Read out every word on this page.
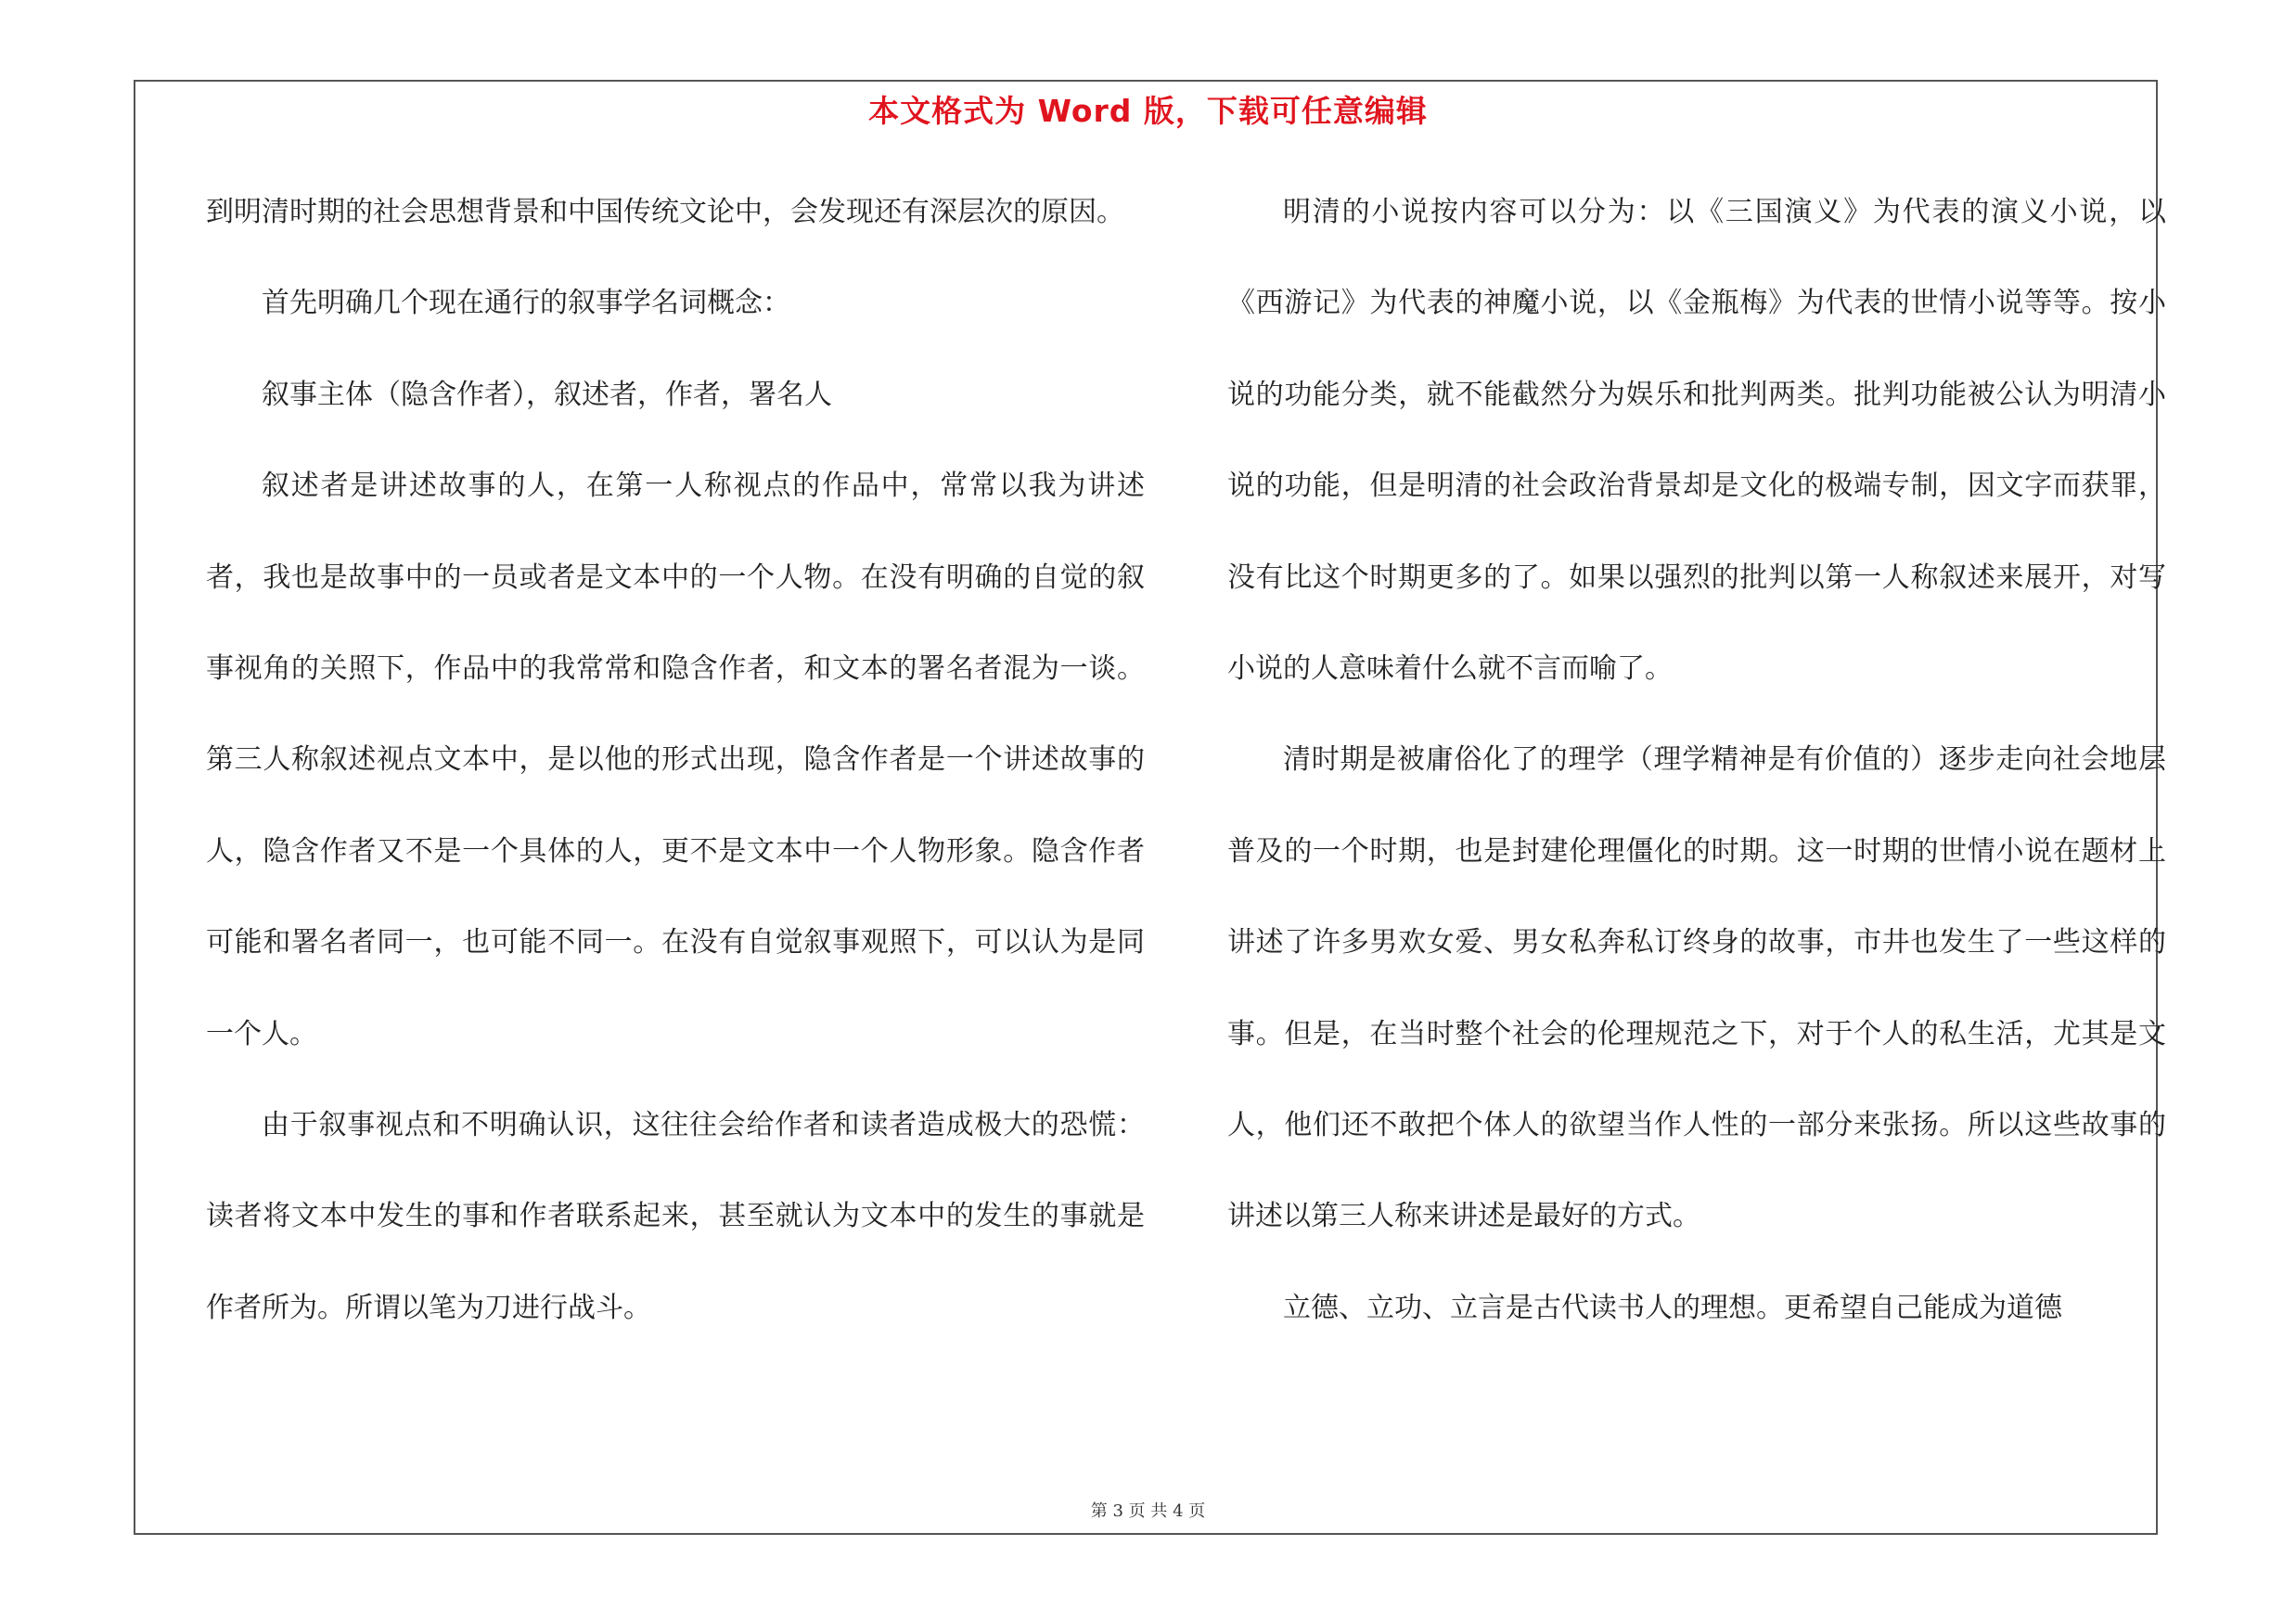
本文格式为 Word 版，下载可任意编辑

到明清时期的社会思想背景和中国传统文论中，会发现还有深层次的原因。

首先明确几个现在通行的叙事学名词概念：

叙事主体（隐含作者），叙述者，作者，署名人

叙述者是讲述故事的人，在第一人称视点的作品中，常常以我为讲述者，我也是故事中的一员或者是文本中的一个人物。在没有明确的自觉的叙事视角的关照下，作品中的我常常和隐含作者，和文本的署名者混为一谈。第三人称叙述视点文本中，是以他的形式出现，隐含作者是一个讲述故事的人，隐含作者又不是一个具体的人，更不是文本中一个人物形象。隐含作者可能和署名者同一，也可能不同一。在没有自觉叙事观照下，可以认为是同一个人。

由于叙事视点和不明确认识，这往往会给作者和读者造成极大的恐慌：读者将文本中发生的事和作者联系起来，甚至就认为文本中的发生的事就是作者所为。所谓以笔为刀进行战斗。

明清的小说按内容可以分为：以《三国演义》为代表的演义小说，以《西游记》为代表的神魔小说，以《金瓶梅》为代表的世情小说等等。按小说的功能分类，就不能截然分为娱乐和批判两类。批判功能被公认为明清小说的功能，但是明清的社会政治背景却是文化的极端专制，因文字而获罪，没有比这个时期更多的了。如果以强烈的批判以第一人称叙述来展开，对写小说的人意味着什么就不言而喻了。

清时期是被庸俗化了的理学（理学精神是有价值的）逐步走向社会地层普及的一个时期，也是封建伦理僵化的时期。这一时期的世情小说在题材上讲述了许多男欢女爱、男女私奔私订终身的故事，市井也发生了一些这样的事。但是，在当时整个社会的伦理规范之下，对于个人的私生活，尤其是文人，他们还不敢把个体人的欲望当作人性的一部分来张扬。所以这些故事的讲述以第三人称来讲述是最好的方式。

立德、立功、立言是古代读书人的理想。更希望自己能成为道德

第 3 页 共 4 页
